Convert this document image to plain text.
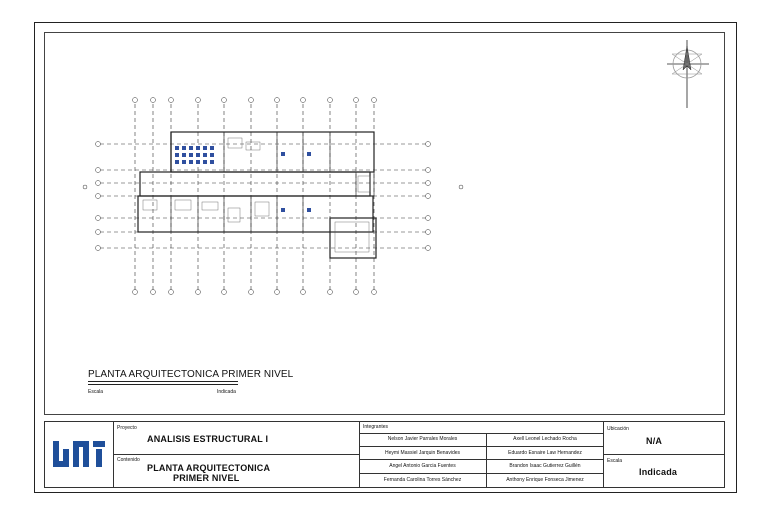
PLANTA ARQUITECTONICA PRIMER NIVEL
Escala	Indicada
Proyecto
ANALISIS ESTRUCTURAL I
Contenido
PLANTA ARQUITECTONICA
PRIMER NIVEL
Integrantes
Nelson Javier Parrales Morales	Axell Leonel Lechado Rocha
Heymi Massiel Jarquin Benavides	Eduardo Esnaire Law Hernandez
Angel Antonio Garcia Fuentes	Brandon Isaac Gutierrez Guillén
Fernanda Carolina Torres Sánchez	Anthony Enrique Fonseca Jimenez
Ubicación
N/A
Escala
Indicada
